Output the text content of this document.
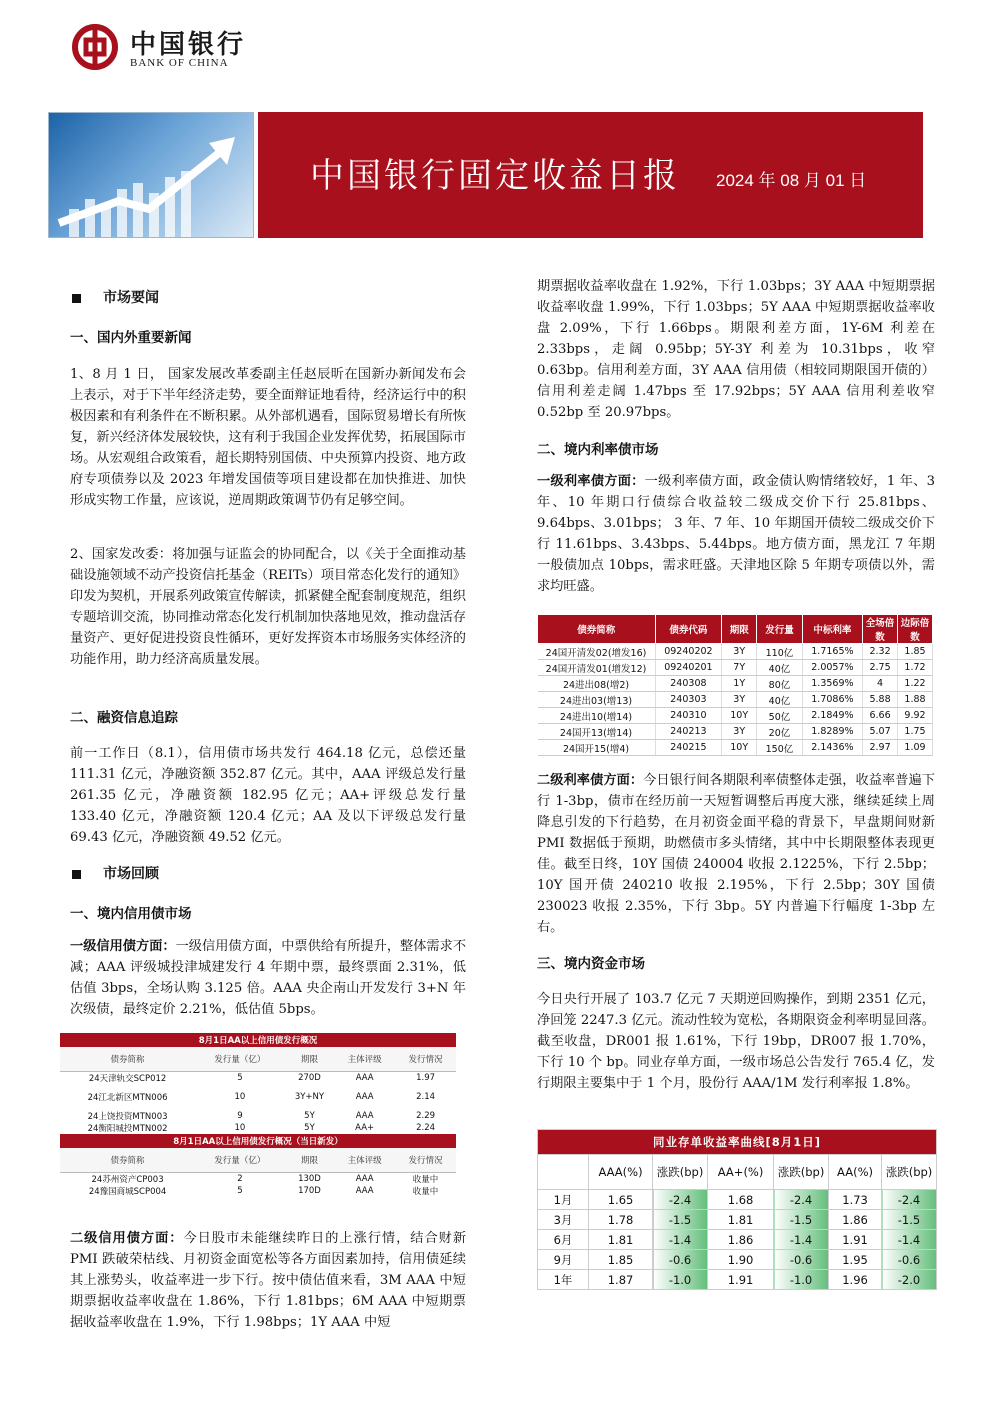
中国银行
BANK OF CHINA
中国银行固定收益日报 2024 年 08 月 01 日
市场要闻
一、国内外重要新闻

1、8 月 1 日， 国家发展改革委副主任赵辰昕在国新办新闻发布会上表示，对于下半年经济走势，要全面辩证地看待，经济运行中的积极因素和有利条件在不断积累。从外部机遇看，国际贸易增长有所恢复，新兴经济体发展较快，这有利于我国企业发挥优势，拓展国际市场。从宏观组合政策看，超长期特别国债、中央预算内投资、地方政府专项债券以及 2023 年增发国债等项目建设都在加快推进、加快形成实物工作量，应该说，逆周期政策调节仍有足够空间。

2、国家发改委：将加强与证监会的协同配合，以《关于全面推动基础设施领域不动产投资信托基金（REITs）项目常态化发行的通知》印发为契机，开展系列政策宣传解读，抓紧健全配套制度规范，组织专题培训交流，协同推动常态化发行机制加快落地见效，推动盘活存量资产、更好促进投资良性循环，更好发挥资本市场服务实体经济的功能作用，助力经济高质量发展。

二、融资信息追踪

前一工作日（8.1），信用债市场共发行 464.18 亿元，总偿还量 111.31 亿元，净融资额 352.87 亿元。其中，AAA 评级总发行量 261.35 亿元，净融资额 182.95 亿元；AA+评级总发行量 133.40 亿元，净融资额 120.4 亿元；AA 及以下评级总发行量 69.43 亿元，净融资额 49.52 亿元。

市场回顾
一、境内信用债市场

一级信用债方面：一级信用债方面，中票供给有所提升，整体需求不减；AAA 评级城投津城建发行 4 年期中票，最终票面 2.31%，低估值 3bps，全场认购 3.125 倍。AAA 央企南山开发发行 3+N 年次级债，最终定价 2.21%，低估值 5bps。

8月1日AA以上信用债发行概况				
债券简称	发行量（亿）	期限	主体评级	发行情况
24天津轨交SCP012	5	270D	AAA	1.97
24江北新区MTN006	10	3Y+NY	AAA	2.14
24上饶投资MTN003	9	5Y	AAA	2.29
24衡阳城投MTN002	10	5Y	AA+	2.24
8月1日AA以上信用债发行概况（当日新发）				
债券简称	发行量（亿）	期限	主体评级	发行情况
24苏州资产CP003	2	130D	AAA	收量中
24豫国商城SCP004	5	170D	AAA	收量中

二级信用债方面：今日股市未能继续昨日的上涨行情，结合财新 PMI 跌破荣枯线、月初资金面宽松等各方面因素加持，信用债延续其上涨势头，收益率进一步下行。按中债估值来看，3M AAA 中短期票据收益率收盘在 1.86%，下行 1.81bps；6M AAA 中短期票据收益率收盘在 1.9%，下行 1.98bps；1Y AAA 中短

期票据收益率收盘在 1.92%，下行 1.03bps；3Y AAA 中短期票据收益率收盘 1.99%，下行 1.03bps；5Y AAA 中短期票据收益率收盘 2.09%，下行 1.66bps。期限利差方面，1Y-6M 利差在 2.33bps，走阔 0.95bp；5Y-3Y 利差为 10.31bps，收窄 0.63bp。信用利差方面，3Y AAA 信用债（相较同期限国开债的）信用利差走阔 1.47bps 至 17.92bps；5Y AAA 信用利差收窄 0.52bp 至 20.97bps。

二、境内利率债市场

一级利率债方面：一级利率债方面，政金债认购情绪较好，1 年、3 年、10 年期口行债综合收益较二级成交价下行 25.81bps、9.64bps、3.01bps； 3 年、7 年、10 年期国开债较二级成交价下行 11.61bps、3.43bps、5.44bps。地方债方面，黑龙江 7 年期一般债加点 10bps，需求旺盛。天津地区除 5 年期专项债以外，需求均旺盛。

债券简称	债券代码	期限	发行量	中标利率	全场倍数	边际倍数
24国开清发02(增发16)	09240202	3Y	110亿	1.7165%	2.32	1.85
24国开清发01(增发12)	09240201	7Y	40亿	2.0057%	2.75	1.72
24进出08(增2)	240308	1Y	80亿	1.3569%	4	1.22
24进出03(增13)	240303	3Y	40亿	1.7086%	5.88	1.88
24进出10(增14)	240310	10Y	50亿	2.1849%	6.66	9.92
24国开13(增14)	240213	3Y	20亿	1.8289%	5.07	1.75
24国开15(增4)	240215	10Y	150亿	2.1436%	2.97	1.09

二级利率债方面：今日银行间各期限利率债整体走强，收益率普遍下行 1-3bp，债市在经历前一天短暂调整后再度大涨，继续延续上周降息引发的下行趋势，在月初资金面平稳的背景下，早盘期间财新 PMI 数据低于预期，助燃债市多头情绪，其中中长期限整体表现更佳。截至日终，10Y 国债 240004 收报 2.1225%，下行 2.5bp；10Y 国开债 240210 收报 2.195%，下行 2.5bp；30Y 国债 230023 收报 2.35%，下行 3bp。5Y 内普遍下行幅度 1-3bp 左右。

三、境内资金市场

今日央行开展了 103.7 亿元 7 天期逆回购操作，到期 2351 亿元，净回笼 2247.3 亿元。流动性较为宽松，各期限资金利率明显回落。截至收盘，DR001 报 1.61%，下行 19bp，DR007 报 1.70%，下行 10 个 bp。同业存单方面，一级市场总公告发行 765.4 亿，发行期限主要集中于 1 个月，股份行 AAA/1M 发行利率报 1.8%。

同业存单收益率曲线[8月1日]						
	AAA(%)	涨跌(bp)	AA+(%)	涨跌(bp)	AA(%)	涨跌(bp)
1月	1.65	-2.4	1.68	-2.4	1.73	-2.4
3月	1.78	-1.5	1.81	-1.5	1.86	-1.5
6月	1.81	-1.4	1.86	-1.4	1.91	-1.4
9月	1.85	-0.6	1.90	-0.6	1.95	-0.6
1年	1.87	-1.0	1.91	-1.0	1.96	-2.0
